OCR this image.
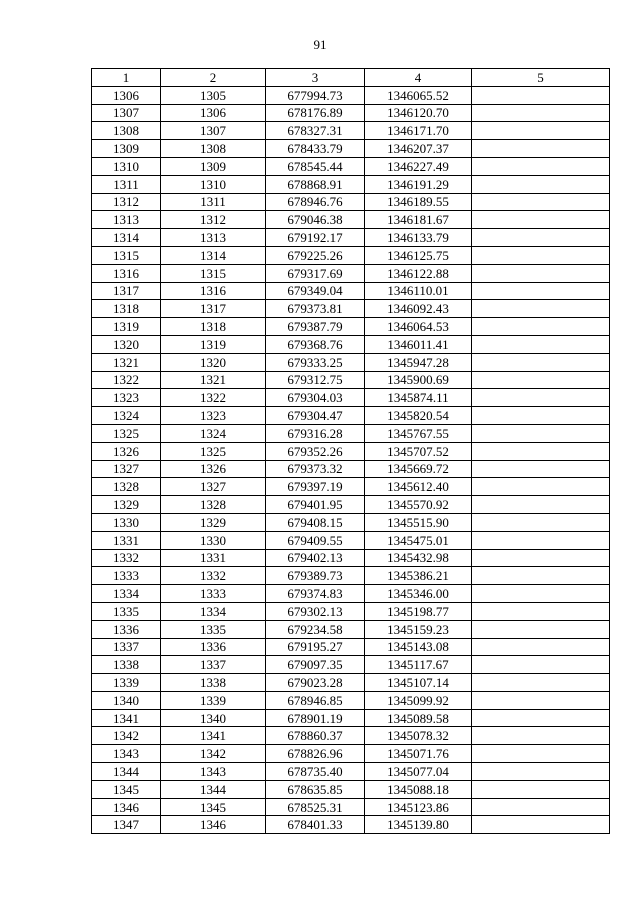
91
1	2	3	4	5
1306	1305	677994.73	1346065.52	
1307	1306	678176.89	1346120.70	
1308	1307	678327.31	1346171.70	
1309	1308	678433.79	1346207.37	
1310	1309	678545.44	1346227.49	
1311	1310	678868.91	1346191.29	
1312	1311	678946.76	1346189.55	
1313	1312	679046.38	1346181.67	
1314	1313	679192.17	1346133.79	
1315	1314	679225.26	1346125.75	
1316	1315	679317.69	1346122.88	
1317	1316	679349.04	1346110.01	
1318	1317	679373.81	1346092.43	
1319	1318	679387.79	1346064.53	
1320	1319	679368.76	1346011.41	
1321	1320	679333.25	1345947.28	
1322	1321	679312.75	1345900.69	
1323	1322	679304.03	1345874.11	
1324	1323	679304.47	1345820.54	
1325	1324	679316.28	1345767.55	
1326	1325	679352.26	1345707.52	
1327	1326	679373.32	1345669.72	
1328	1327	679397.19	1345612.40	
1329	1328	679401.95	1345570.92	
1330	1329	679408.15	1345515.90	
1331	1330	679409.55	1345475.01	
1332	1331	679402.13	1345432.98	
1333	1332	679389.73	1345386.21	
1334	1333	679374.83	1345346.00	
1335	1334	679302.13	1345198.77	
1336	1335	679234.58	1345159.23	
1337	1336	679195.27	1345143.08	
1338	1337	679097.35	1345117.67	
1339	1338	679023.28	1345107.14	
1340	1339	678946.85	1345099.92	
1341	1340	678901.19	1345089.58	
1342	1341	678860.37	1345078.32	
1343	1342	678826.96	1345071.76	
1344	1343	678735.40	1345077.04	
1345	1344	678635.85	1345088.18	
1346	1345	678525.31	1345123.86	
1347	1346	678401.33	1345139.80	
